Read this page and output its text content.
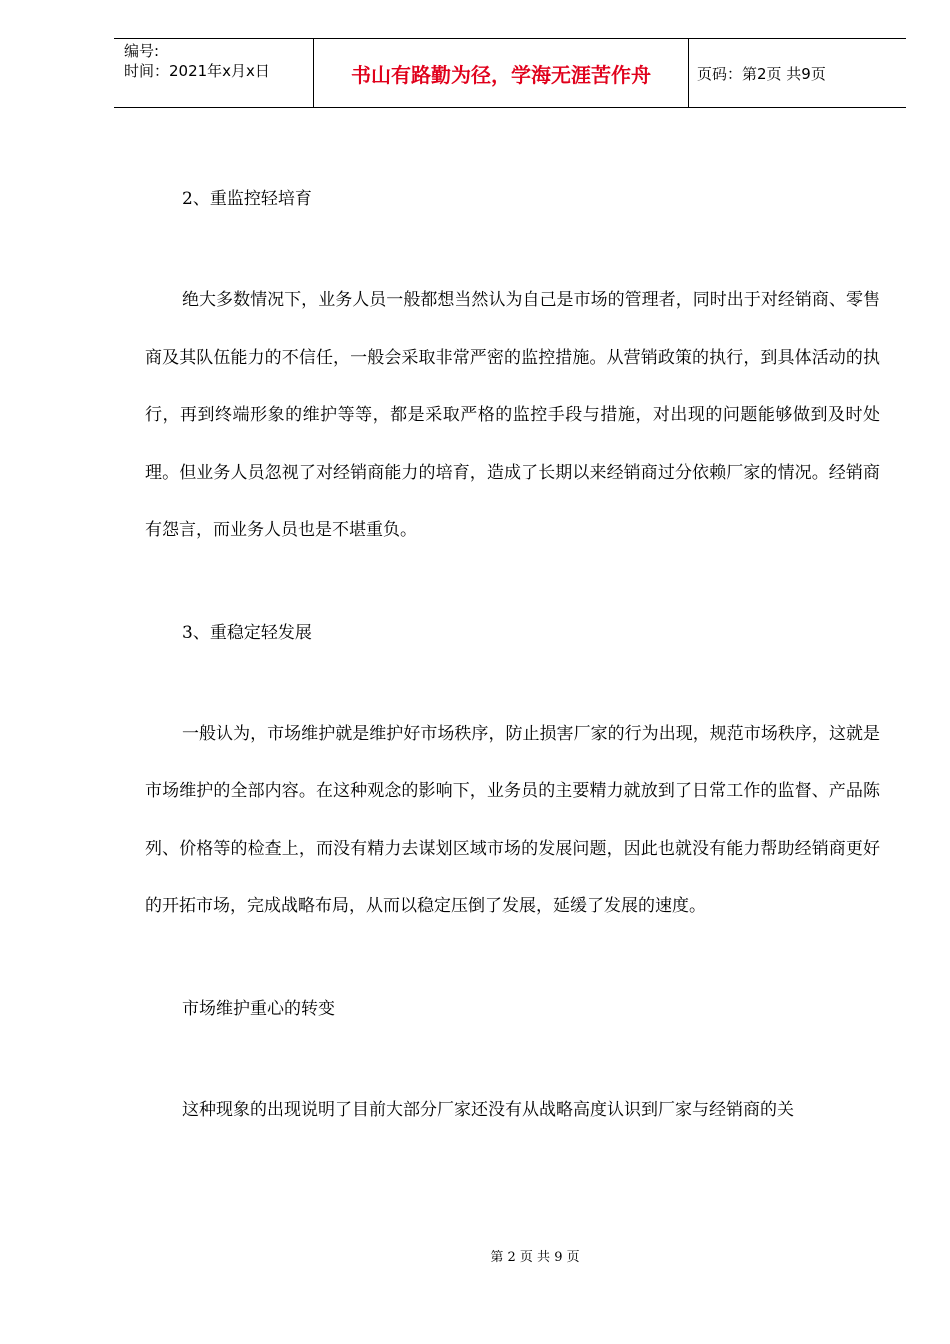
编号:
时间：2021年x月x日	书山有路勤为径，学海无涯苦作舟	页码：第2页 共9页

2、重监控轻培育

绝大多数情况下，业务人员一般都想当然认为自己是市场的管理者，同时出于对经销商、零售商及其队伍能力的不信任，一般会采取非常严密的监控措施。从营销政策的执行，到具体活动的执行，再到终端形象的维护等等，都是采取严格的监控手段与措施，对出现的问题能够做到及时处理。但业务人员忽视了对经销商能力的培育，造成了长期以来经销商过分依赖厂家的情况。经销商有怨言，而业务人员也是不堪重负。

3、重稳定轻发展

一般认为，市场维护就是维护好市场秩序，防止损害厂家的行为出现，规范市场秩序，这就是市场维护的全部内容。在这种观念的影响下，业务员的主要精力就放到了日常工作的监督、产品陈列、价格等的检查上，而没有精力去谋划区域市场的发展问题，因此也就没有能力帮助经销商更好的开拓市场，完成战略布局，从而以稳定压倒了发展，延缓了发展的速度。

市场维护重心的转变

这种现象的出现说明了目前大部分厂家还没有从战略高度认识到厂家与经销商的关

第 2 页 共 9 页
